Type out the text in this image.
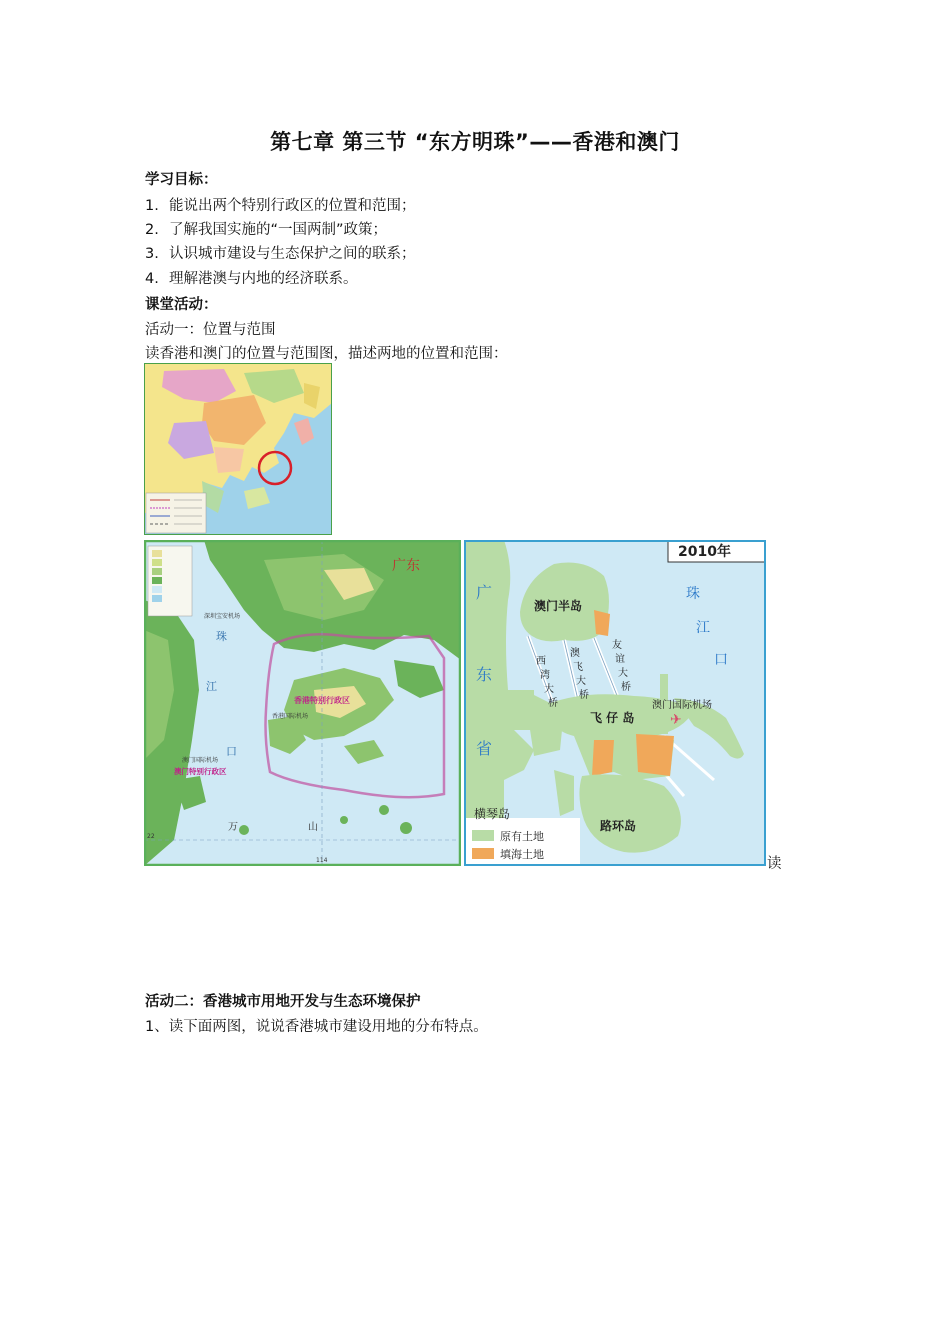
第七章 第三节 “东方明珠”——香港和澳门
学习目标：
1. 能说出两个特别行政区的位置和范围；
2. 了解我国实施的“一国两制”政策；
3. 认识城市建设与生态保护之间的联系；
4. 理解港澳与内地的经济联系。
课堂活动：
活动一：位置与范围
读香港和澳门的位置与范围图，描述两地的位置和范围：
广 东
珠
江
口
香港特别行政区
澳门特别行政区
深圳宝安机场
香港国际机场
澳门国际机场
万	山
22
114
2010年
广
东
省
澳门半岛
珠
江
口
西
湾
大
桥
澳
飞
大
桥
友
谊
大
桥
澳门国际机场
✈
飞 仔 岛
路环岛
横琴岛
原有土地
填海土地
读
活动二：香港城市用地开发与生态环境保护
1、读下面两图，说说香港城市建设用地的分布特点。
